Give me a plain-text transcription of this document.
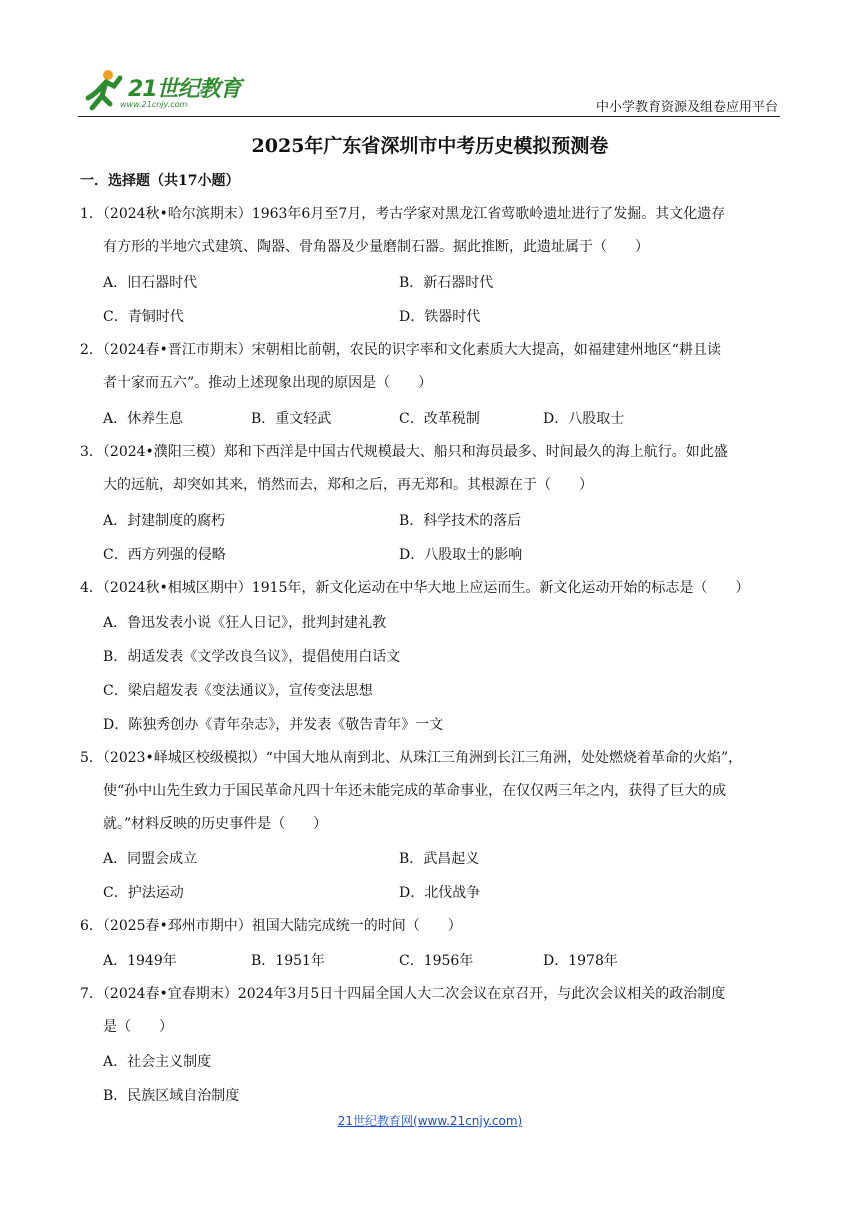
21世纪教育
www.21cnjy.com	中小学教育资源及组卷应用平台
2025年广东省深圳市中考历史模拟预测卷
一．选择题（共17小题）
1．（2024秋•哈尔滨期末）1963年6月至7月，考古学家对黑龙江省莺歌岭遗址进行了发掘。其文化遗存
有方形的半地穴式建筑、陶器、骨角器及少量磨制石器。据此推断，此遗址属于（　　）
A．旧石器时代	B．新石器时代
C．青铜时代	D．铁器时代
2．（2024春•晋江市期末）宋朝相比前朝，农民的识字率和文化素质大大提高，如福建建州地区“耕且读
者十家而五六”。推动上述现象出现的原因是（　　）
A．休养生息	B．重文轻武	C．改革税制	D．八股取士
3．（2024•濮阳三模）郑和下西洋是中国古代规模最大、船只和海员最多、时间最久的海上航行。如此盛
大的远航，却突如其来，悄然而去，郑和之后，再无郑和。其根源在于（　　）
A．封建制度的腐朽	B．科学技术的落后
C．西方列强的侵略	D．八股取士的影响
4．（2024秋•相城区期中）1915年，新文化运动在中华大地上应运而生。新文化运动开始的标志是（　　）
A．鲁迅发表小说《狂人日记》，批判封建礼教
B．胡适发表《文学改良刍议》，提倡使用白话文
C．梁启超发表《变法通议》，宣传变法思想
D．陈独秀创办《青年杂志》，并发表《敬告青年》一文
5．（2023•峄城区校级模拟）“中国大地从南到北、从珠江三角洲到长江三角洲，处处燃烧着革命的火焰”，
使“孙中山先生致力于国民革命凡四十年还未能完成的革命事业，在仅仅两三年之内，获得了巨大的成
就。”材料反映的历史事件是（　　）
A．同盟会成立	B．武昌起义
C．护法运动	D．北伐战争
6．（2025春•邳州市期中）祖国大陆完成统一的时间（　　）
A．1949年	B．1951年	C．1956年	D．1978年
7．（2024春•宜春期末）2024年3月5日十四届全国人大二次会议在京召开，与此次会议相关的政治制度
是（　　）
A．社会主义制度
B．民族区域自治制度
21世纪教育网(www.21cnjy.com)
